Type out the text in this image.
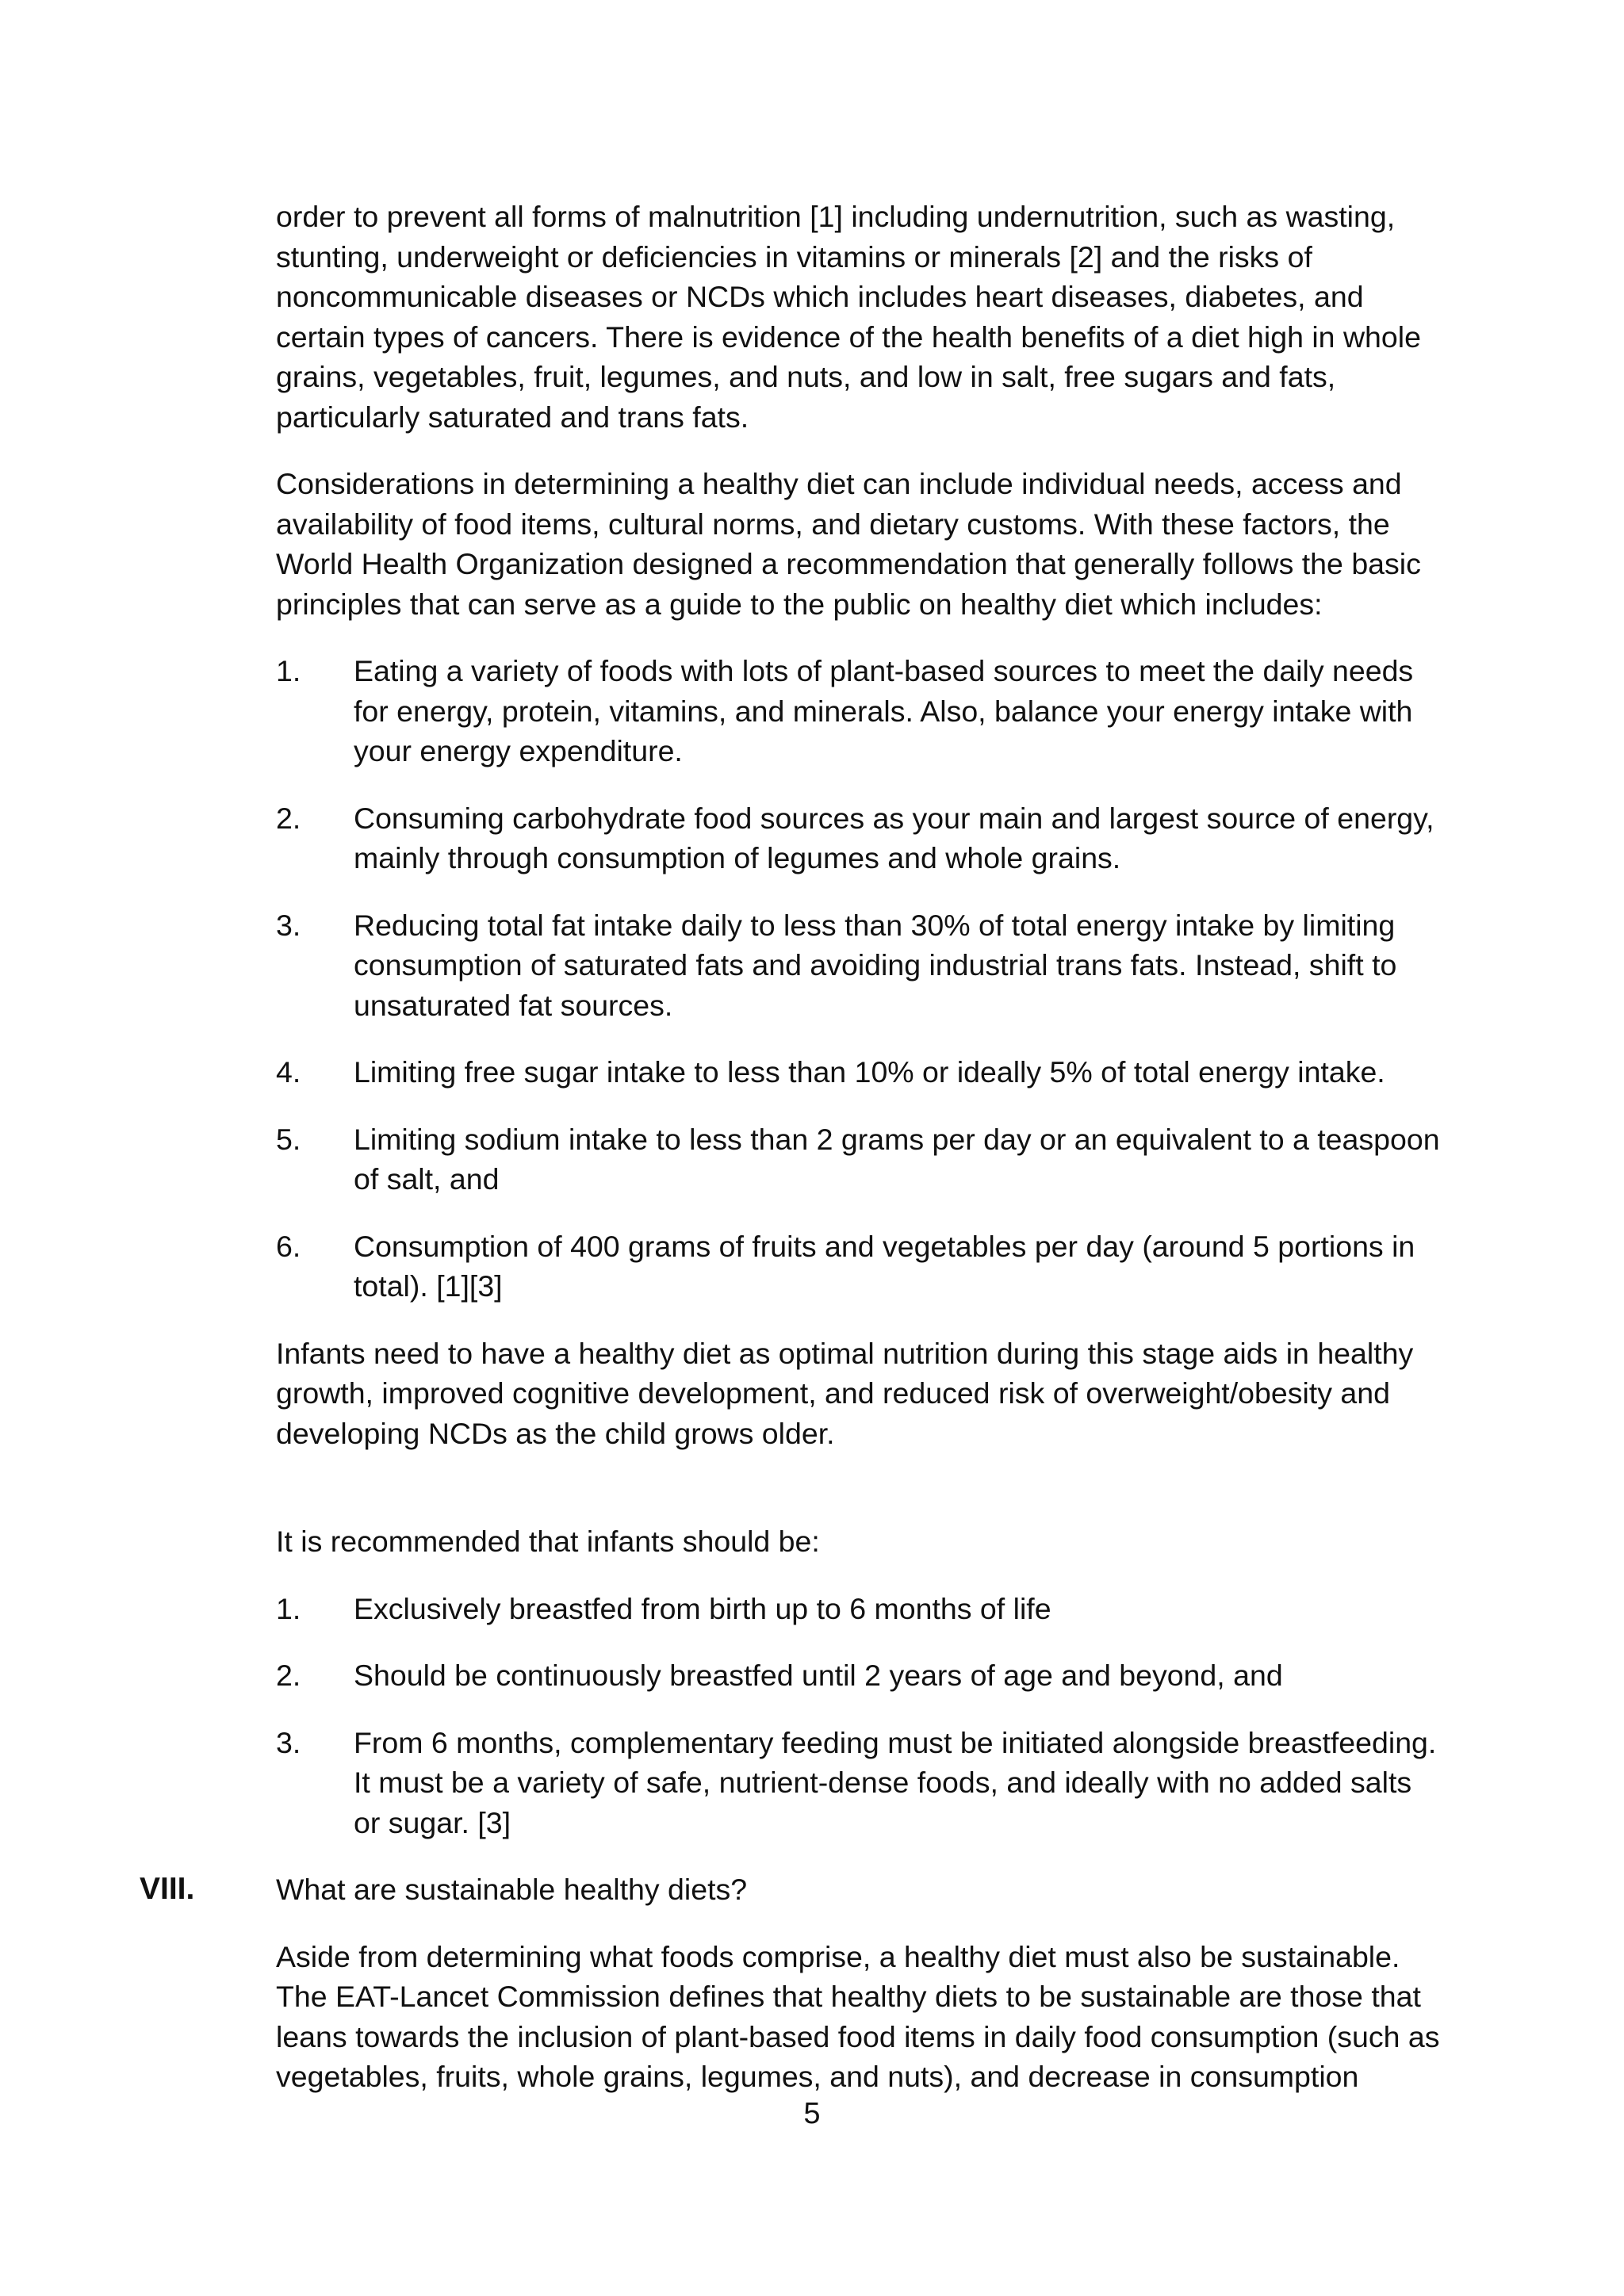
order to prevent all forms of malnutrition [1] including undernutrition, such as wasting, stunting, underweight or deficiencies in vitamins or minerals [2] and the risks of noncommunicable diseases or NCDs which includes heart diseases, diabetes, and certain types of cancers. There is evidence of the health benefits of a diet high in whole grains, vegetables, fruit, legumes, and nuts, and low in salt, free sugars and fats, particularly saturated and trans fats.

Considerations in determining a healthy diet can include individual needs, access and availability of food items, cultural norms, and dietary customs. With these factors, the World Health Organization designed a recommendation that generally follows the basic principles that can serve as a guide to the public on healthy diet which includes:

1.	Eating a variety of foods with lots of plant-based sources to meet the daily needs for energy, protein, vitamins, and minerals. Also, balance your energy intake with your energy expenditure.
2.	Consuming carbohydrate food sources as your main and largest source of energy, mainly through consumption of legumes and whole grains.
3.	Reducing total fat intake daily to less than 30% of total energy intake by limiting consumption of saturated fats and avoiding industrial trans fats. Instead, shift to unsaturated fat sources.
4.	Limiting free sugar intake to less than 10% or ideally 5% of total energy intake.
5.	Limiting sodium intake to less than 2 grams per day or an equivalent to a teaspoon of salt, and
6.	Consumption of 400 grams of fruits and vegetables per day (around 5 portions in total). [1][3]

Infants need to have a healthy diet as optimal nutrition during this stage aids in healthy growth, improved cognitive development, and reduced risk of overweight/obesity and developing NCDs as the child grows older.

It is recommended that infants should be:

1.	Exclusively breastfed from birth up to 6 months of life
2.	Should be continuously breastfed until 2 years of age and beyond, and
3.	From 6 months, complementary feeding must be initiated alongside breastfeeding. It must be a variety of safe, nutrient-dense foods, and ideally with no added salts or sugar. [3]
VIII.	What are sustainable healthy diets?

Aside from determining what foods comprise, a healthy diet must also be sustainable. The EAT-Lancet Commission defines that healthy diets to be sustainable are those that leans towards the inclusion of plant-based food items in daily food consumption (such as vegetables, fruits, whole grains, legumes, and nuts), and decrease in consumption

5
